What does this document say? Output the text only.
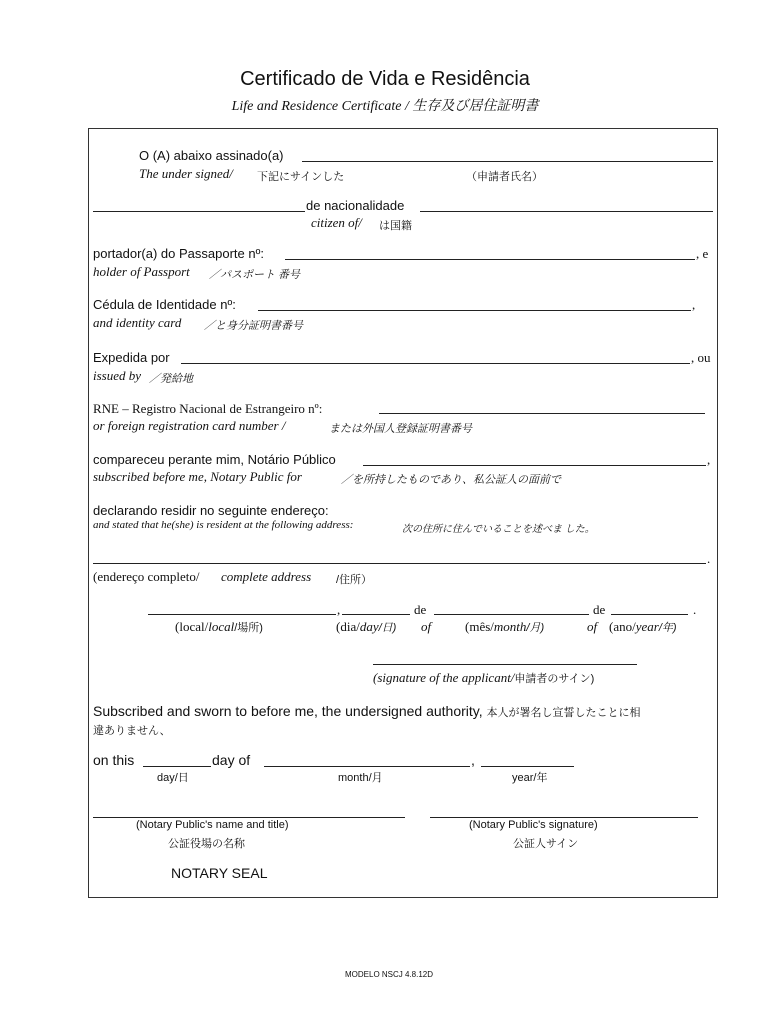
Certificado de Vida e Residência
Life and Residence Certificate / 生存及び居住証明書
O (A) abaixo assinado(a)
The under signed/ 下記にサインした	（申請者氏名）
de nacionalidade
citizen of/ は国籍
portador(a) do Passaporte nº:	, e
holder of Passport ／パスポート 番号
Cédula de Identidade nº:	,
and identity card ／と身分証明書番号
Expedida por	, ou
issued by ／発給地
RNE – Registro Nacional de Estrangeiro nº:
or foreign registration card number /	または外国人登録証明書番号
compareceu perante mim, Notário Público	,
subscribed before me, Notary Public for	／を所持したものであり、私公証人の面前で
declarando residir no seguinte endereço:
and stated that he(she) is resident at the following address:	次の住所に住んでいることを述べま した。
.
(endereço completo/ complete address /住所）
,	de	de	.
(local/local/場所)	(dia/day/日) of	(mês/month/月)	of (ano/year/年)
(signature of the applicant/申請者のサイン)
Subscribed and sworn to before me, the undersigned authority, 本人が署名し宣誓したことに相
違ありません、
on this	day of	,
day/日	month/月	year/年
(Notary Public's name and title)
公証役場の名称
(Notary Public's signature)
公証人サイン
NOTARY SEAL
MODELO NSCJ 4.8.12D
